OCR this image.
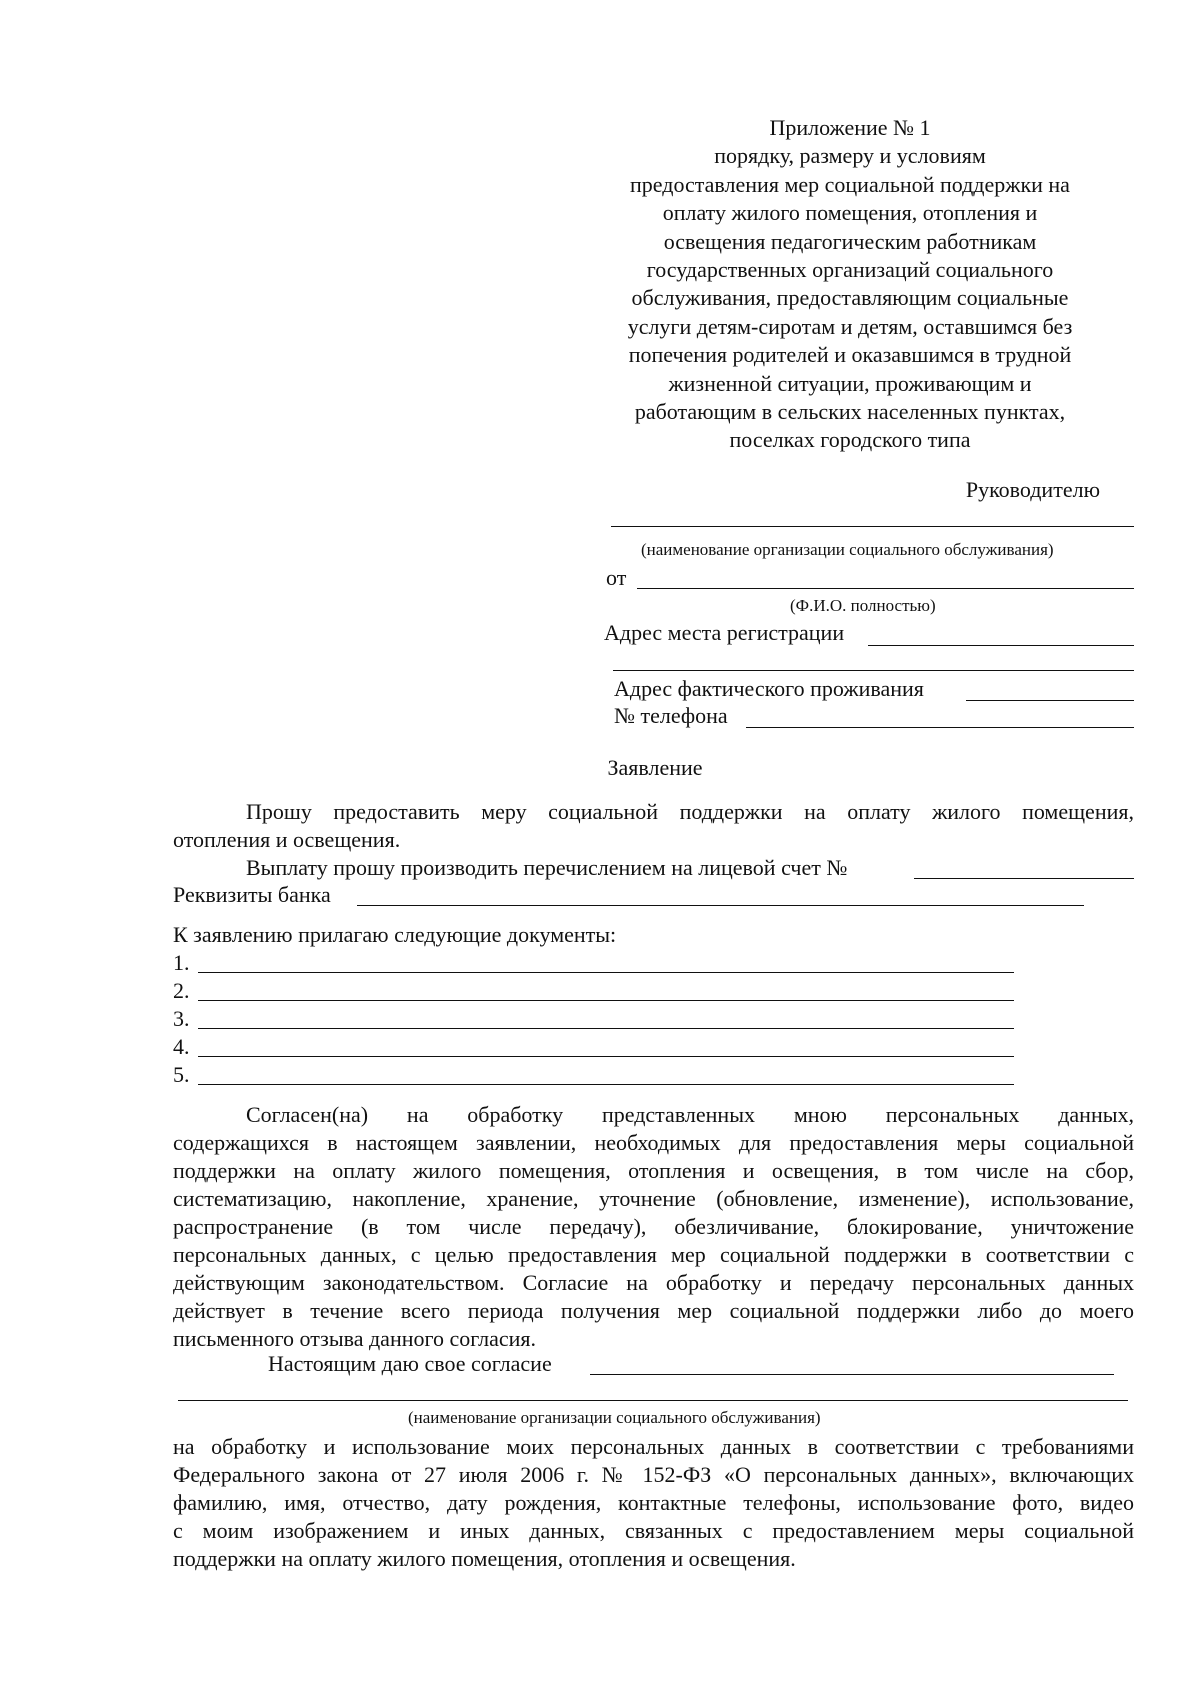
Приложение № 1
порядку, размеру и условиям
предоставления мер социальной поддержки на
оплату жилого помещения, отопления и
освещения педагогическим работникам
государственных организаций социального
обслуживания, предоставляющим социальные
услуги детям-сиротам и детям, оставшимся без
попечения родителей и оказавшимся в трудной
жизненной ситуации, проживающим и
работающим в сельских населенных пунктах,
поселках городского типа
Руководителю
(наименование организации социального обслуживания)
от
(Ф.И.О. полностью)
Адрес места регистрации
Адрес фактического проживания
№ телефона
Заявление
Прошу предоставить меру социальной поддержки на оплату жилого помещения,
отопления и освещения.
Выплату прошу производить перечислением на лицевой счет №
Реквизиты банка
К заявлению прилагаю следующие документы:
1.
2.
3.
4.
5.
Согласен(на) на обработку представленных мною персональных данных,
содержащихся в настоящем заявлении, необходимых для предоставления меры социальной
поддержки на оплату жилого помещения, отопления и освещения, в том числе на сбор,
систематизацию, накопление, хранение, уточнение (обновление, изменение), использование,
распространение (в том числе передачу), обезличивание, блокирование, уничтожение
персональных данных, с целью предоставления мер социальной поддержки в соответствии с
действующим законодательством. Согласие на обработку и передачу персональных данных
действует в течение всего периода получения мер социальной поддержки либо до моего
письменного отзыва данного согласия.
Настоящим даю свое согласие
(наименование организации социального обслуживания)
на обработку и использование моих персональных данных в соответствии с требованиями
Федерального закона от 27 июля 2006 г. № 152-ФЗ «О персональных данных», включающих
фамилию, имя, отчество, дату рождения, контактные телефоны, использование фото, видео
с моим изображением и иных данных, связанных с предоставлением меры социальной
поддержки на оплату жилого помещения, отопления и освещения.
